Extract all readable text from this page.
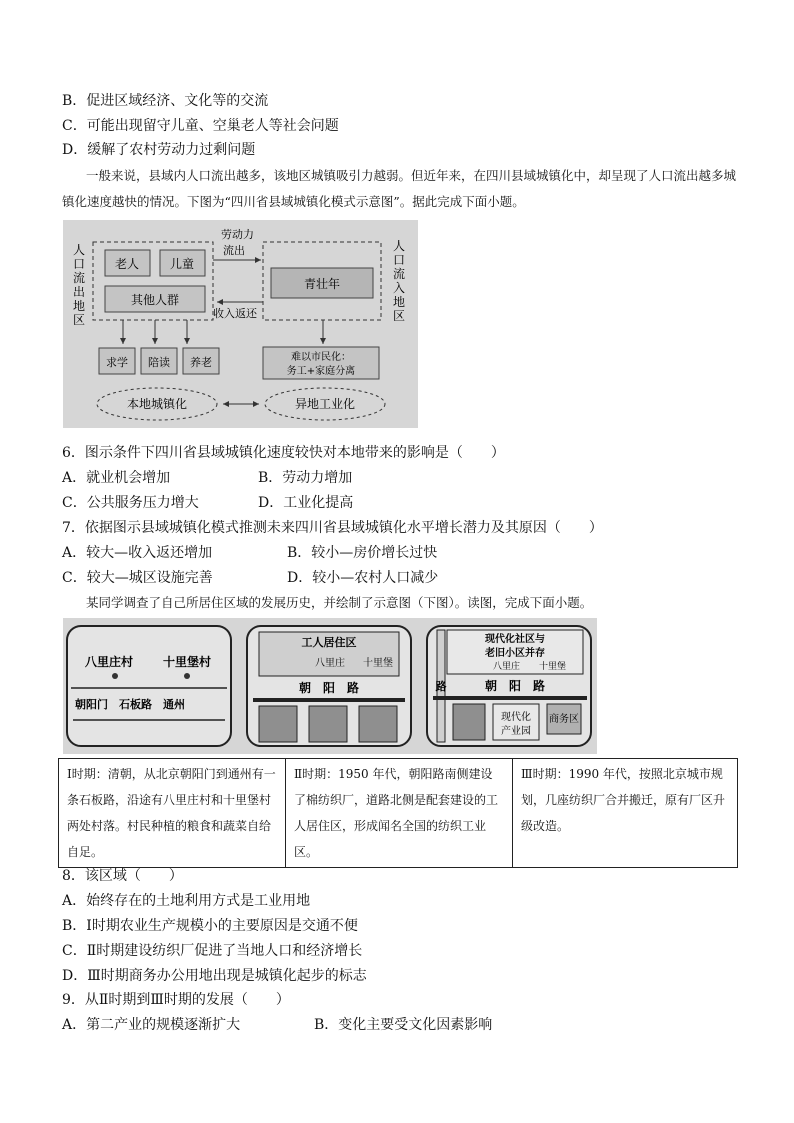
B．促进区域经济、文化等的交流
C．可能出现留守儿童、空巢老人等社会问题
D．缓解了农村劳动力过剩问题
一般来说，县域内人口流出越多，该地区城镇吸引力越弱。但近年来，在四川县域城镇化中，却呈现了人口流出越多城镇化速度越快的情况。下图为“四川省县域城镇化模式示意图”。据此完成下面小题。
老人	儿童
其他人群
青壮年
人口流出地区
人口流入地区
劳动力
流出
收入返还
求学 陪读 养老	难以市民化：
务工+家庭分离
本地城镇化	异地工业化
6．图示条件下四川省县域城镇化速度较快对本地带来的影响是（　　）
A．就业机会增加	B．劳动力增加
C．公共服务压力增大	D．工业化提高
7．依据图示县域城镇化模式推测未来四川省县域城镇化水平增长潜力及其原因（　　）
A．较大—收入返还增加	B．较小—房价增长过快
C．较大—城区设施完善	D．较小—农村人口减少
某同学调查了自己所居住区域的发展历史，并绘制了示意图（下图）。读图，完成下面小题。
八里庄村 十里堡村
朝阳门　石板路　通州
工人居住区
八里庄 十里堡
朝　阳　路
现代化社区与
老旧小区并存
八里庄 十里堡
路	朝　阳　路
现代化
产业园
商务区
Ⅰ时期：清朝，从北京朝阳门到通州有一条石板路，沿途有八里庄村和十里堡村两处村落。村民种植的粮食和蔬菜自给自足。	Ⅱ时期：1950 年代，朝阳路南侧建设了棉纺织厂，道路北侧是配套建设的工人居住区，形成闻名全国的纺织工业区。	Ⅲ时期：1990 年代，按照北京城市规划，几座纺织厂合并搬迁，原有厂区升级改造。
8．该区域（　　）
A．始终存在的土地利用方式是工业用地
B．Ⅰ时期农业生产规模小的主要原因是交通不便
C．Ⅱ时期建设纺织厂促进了当地人口和经济增长
D．Ⅲ时期商务办公用地出现是城镇化起步的标志
9．从Ⅱ时期到Ⅲ时期的发展（　　）
A．第二产业的规模逐渐扩大	B．变化主要受文化因素影响
